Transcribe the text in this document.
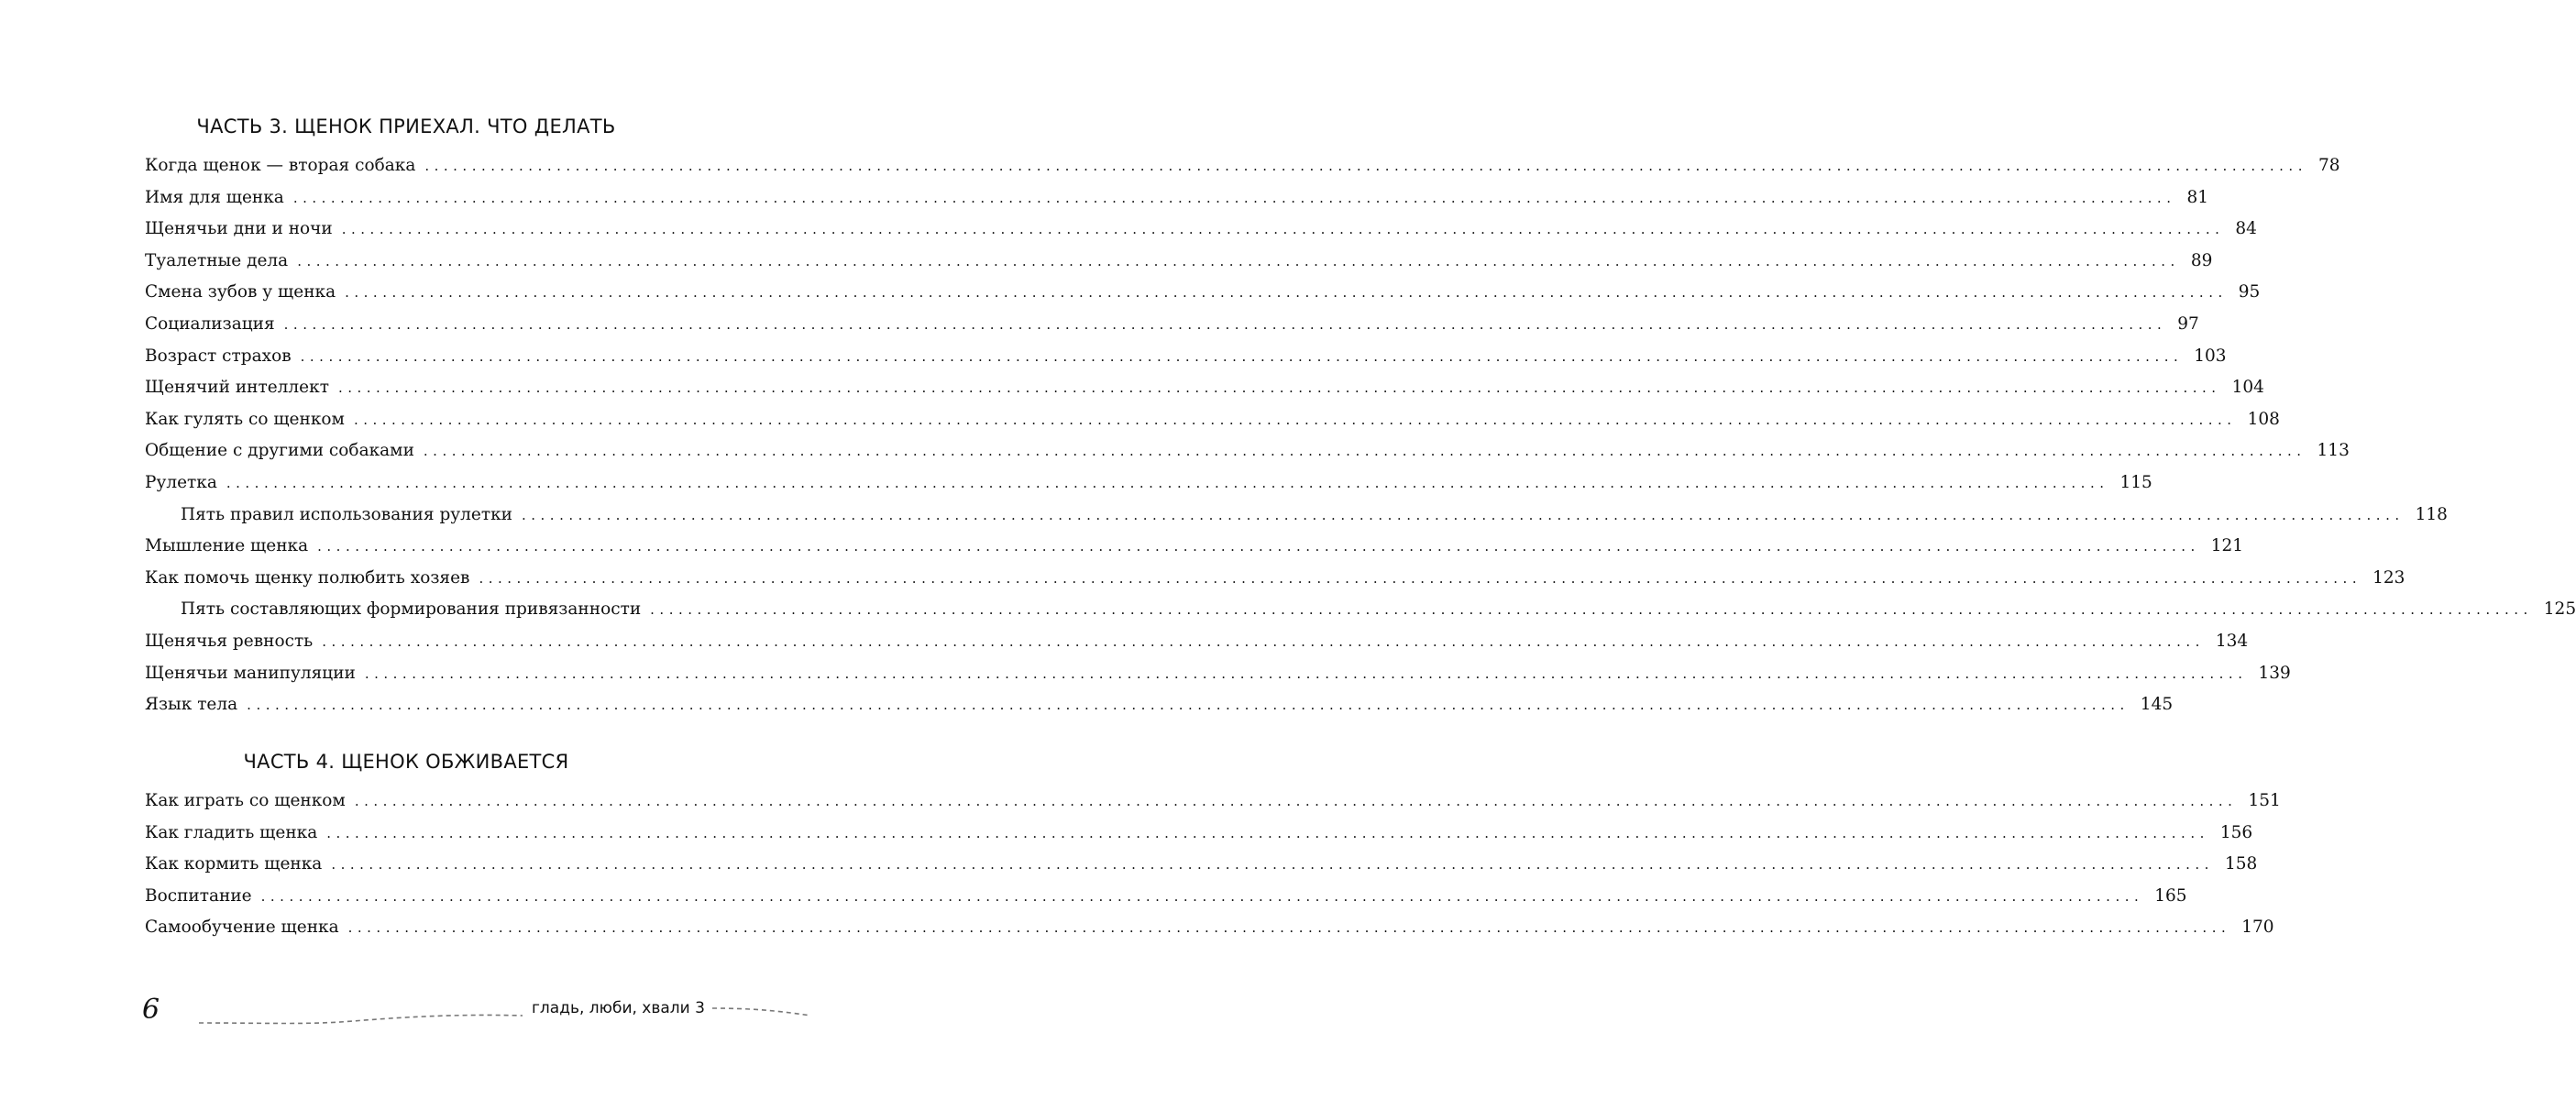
ЧАСТЬ 3. ЩЕНОК ПРИЕХАЛ. ЧТО ДЕЛАТЬ
Когда щенок — вторая собака ........................................................................................................................................................................................................ 78
Имя для щенка ........................................................................................................................................................................................................ 81
Щенячьи дни и ночи ........................................................................................................................................................................................................ 84
Туалетные дела ........................................................................................................................................................................................................ 89
Смена зубов у щенка ........................................................................................................................................................................................................ 95
Социализация ........................................................................................................................................................................................................ 97
Возраст страхов ........................................................................................................................................................................................................ 103
Щенячий интеллект ........................................................................................................................................................................................................ 104
Как гулять со щенком ........................................................................................................................................................................................................ 108
Общение с другими собаками ........................................................................................................................................................................................................ 113
Рулетка ........................................................................................................................................................................................................ 115
Пять правил использования рулетки ........................................................................................................................................................................................................ 118
Мышление щенка ........................................................................................................................................................................................................ 121
Как помочь щенку полюбить хозяев ........................................................................................................................................................................................................ 123
Пять составляющих формирования привязанности ........................................................................................................................................................................................................ 125
Щенячья ревность ........................................................................................................................................................................................................ 134
Щенячьи манипуляции ........................................................................................................................................................................................................ 139
Язык тела ........................................................................................................................................................................................................ 145
ЧАСТЬ 4. ЩЕНОК ОБЖИВАЕТСЯ
Как играть со щенком ........................................................................................................................................................................................................ 151
Как гладить щенка ........................................................................................................................................................................................................ 156
Как кормить щенка ........................................................................................................................................................................................................ 158
Воспитание ........................................................................................................................................................................................................ 165
Самообучение щенка ........................................................................................................................................................................................................ 170
6	гладь, люби, хвали 3
